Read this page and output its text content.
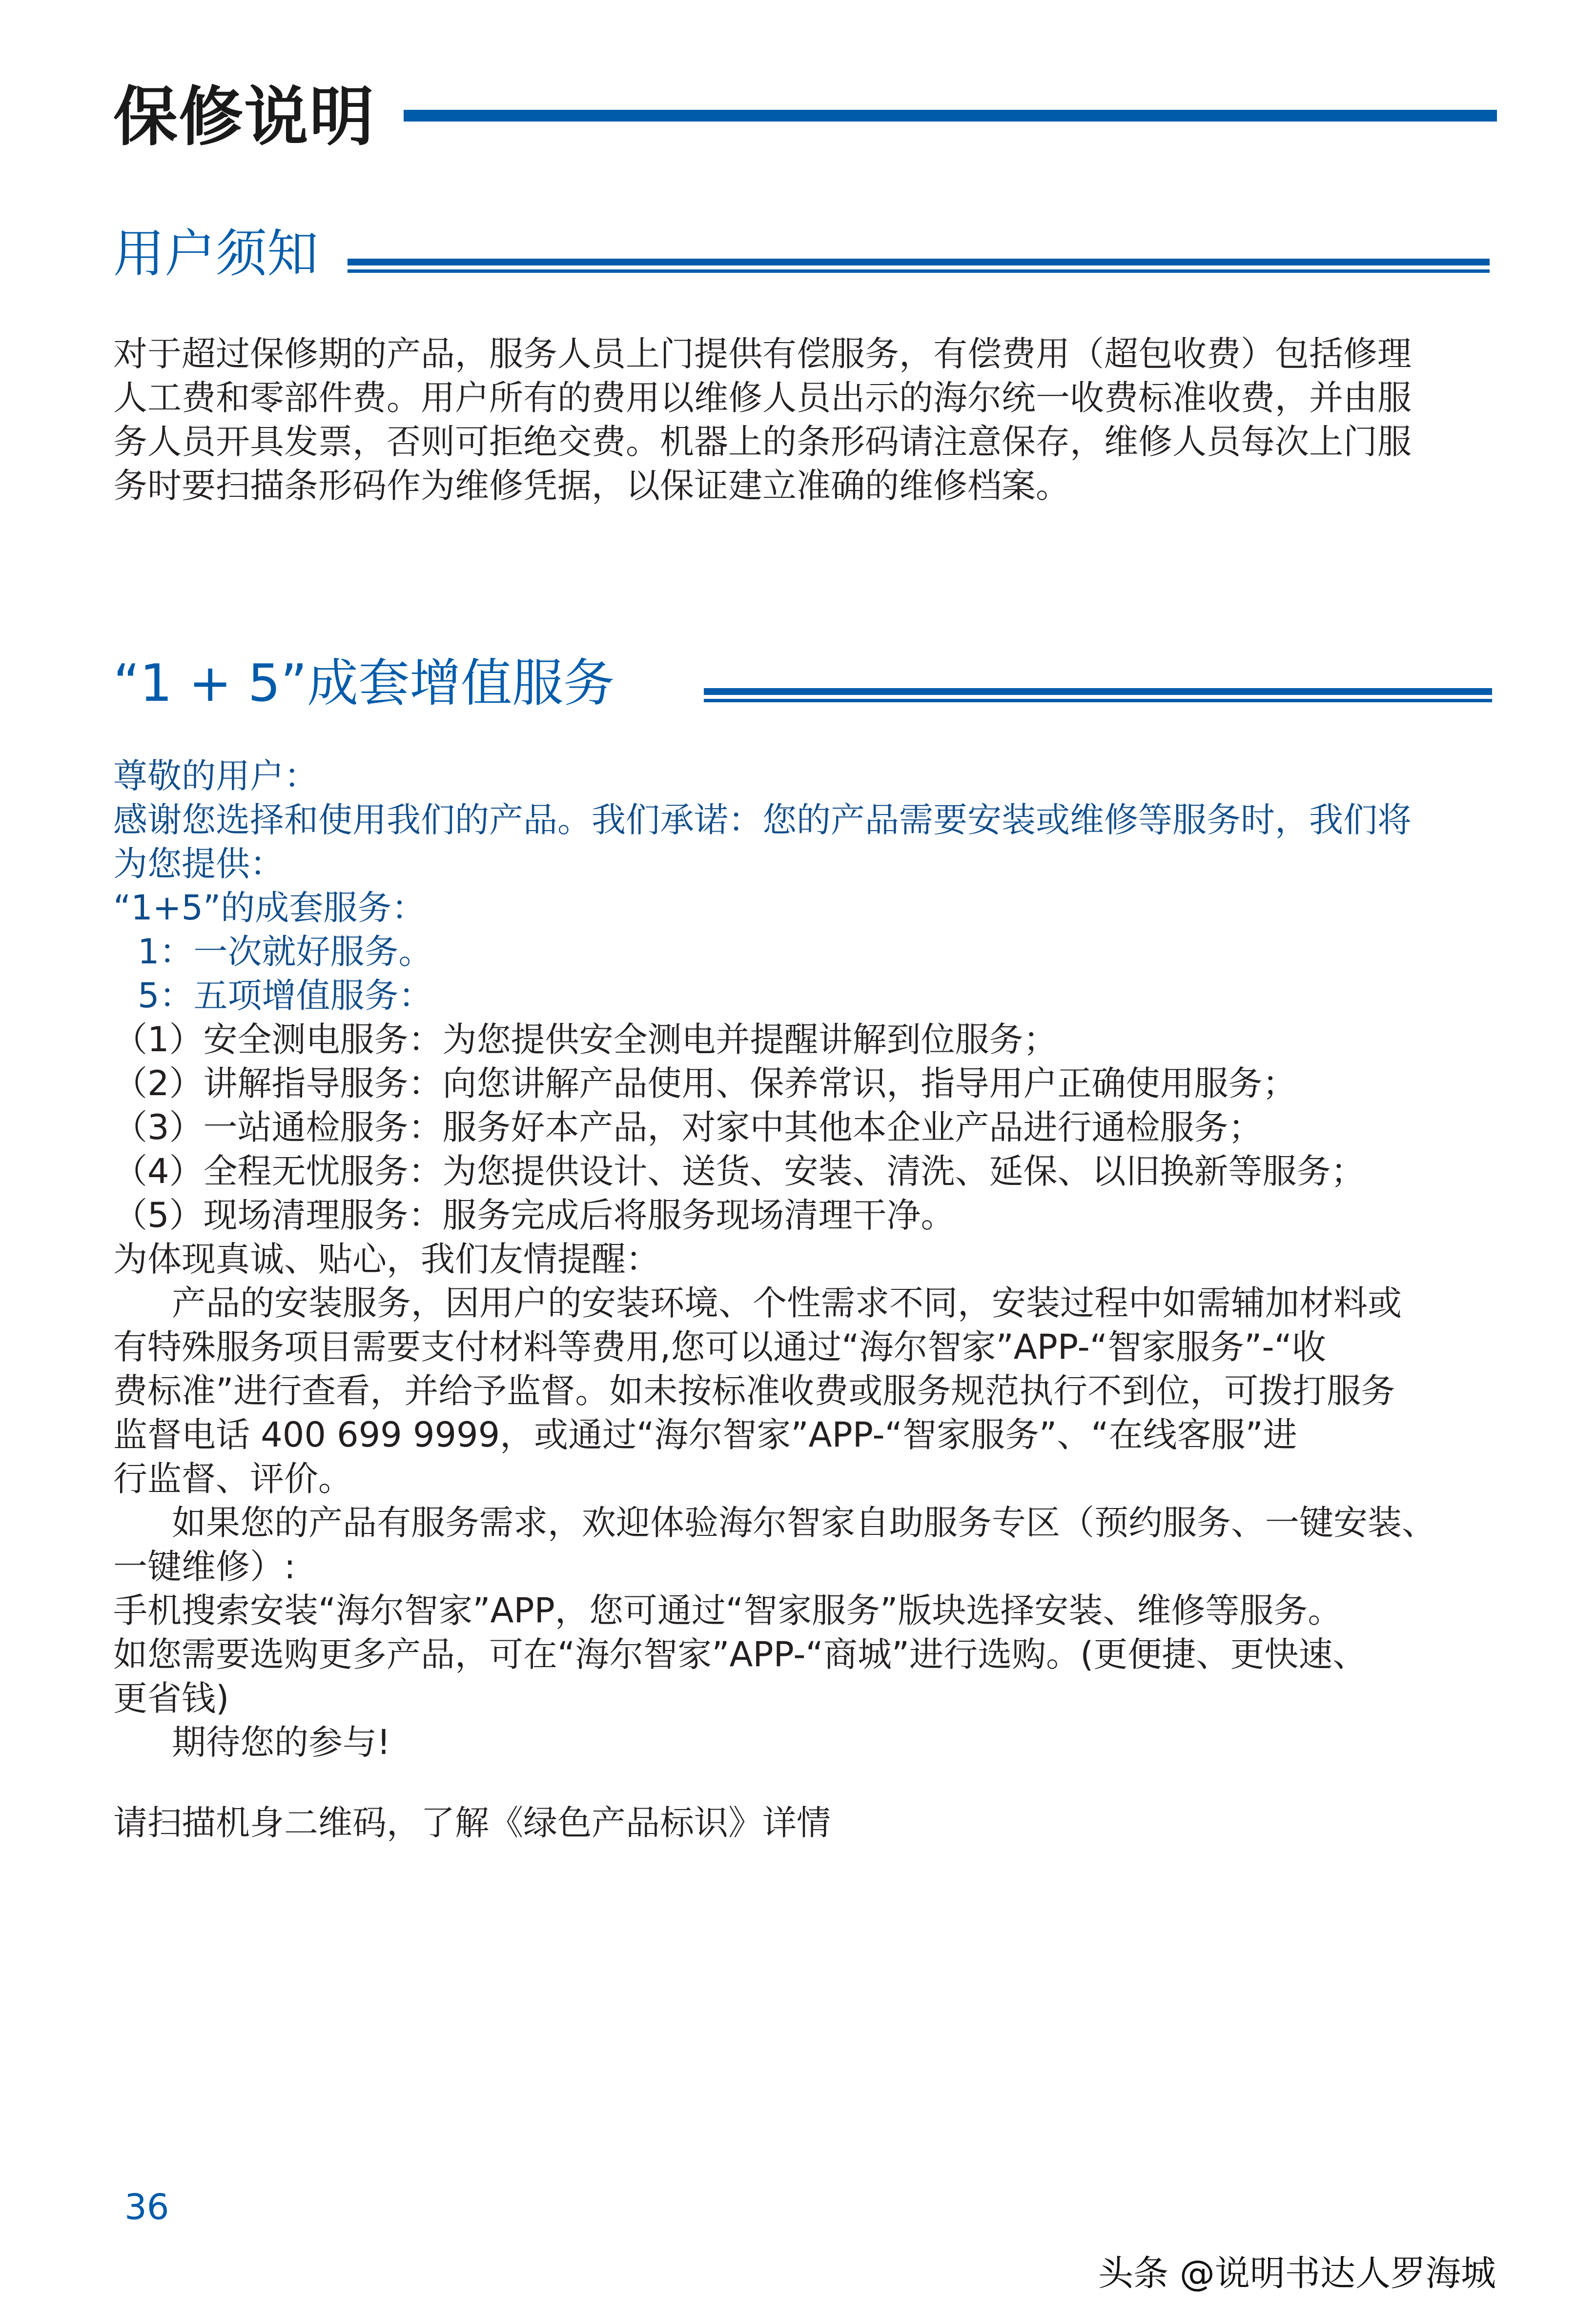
保修说明
用户须知

对于超过保修期的产品，服务人员上门提供有偿服务，有偿费用（超包收费）包括修理

人工费和零部件费。用户所有的费用以维修人员出示的海尔统一收费标准收费，并由服

务人员开具发票，否则可拒绝交费。机器上的条形码请注意保存，维修人员每次上门服

务时要扫描条形码作为维修凭据，以保证建立准确的维修档案。

“1 + 5”成套增值服务

尊敬的用户：

感谢您选择和使用我们的产品。我们承诺：您的产品需要安装或维修等服务时，我们将

为您提供：

“1+5”的成套服务：

1：一次就好服务。

5：五项增值服务：

（1）安全测电服务：为您提供安全测电并提醒讲解到位服务；

（2）讲解指导服务：向您讲解产品使用、保养常识，指导用户正确使用服务；

（3）一站通检服务：服务好本产品，对家中其他本企业产品进行通检服务；

（4）全程无忧服务：为您提供设计、送货、安装、清洗、延保、以旧换新等服务；

（5）现场清理服务：服务完成后将服务现场清理干净。

为体现真诚、贴心，我们友情提醒：

产品的安装服务，因用户的安装环境、个性需求不同，安装过程中如需辅加材料或

有特殊服务项目需要支付材料等费用,您可以通过“海尔智家”APP-“智家服务”-“收

费标准”进行查看，并给予监督。如未按标准收费或服务规范执行不到位，可拨打服务

监督电话 400 699 9999，或通过“海尔智家”APP-“智家服务”、“在线客服”进

行监督、评价。

如果您的产品有服务需求，欢迎体验海尔智家自助服务专区（预约服务、一键安装、

一键维修）:

手机搜索安装“海尔智家”APP，您可通过“智家服务”版块选择安装、维修等服务。

如您需要选购更多产品，可在“海尔智家”APP-“商城”进行选购。(更便捷、更快速、

更省钱)

期待您的参与!

请扫描机身二维码，了解《绿色产品标识》详情

36
头条 @说明书达人罗海城
